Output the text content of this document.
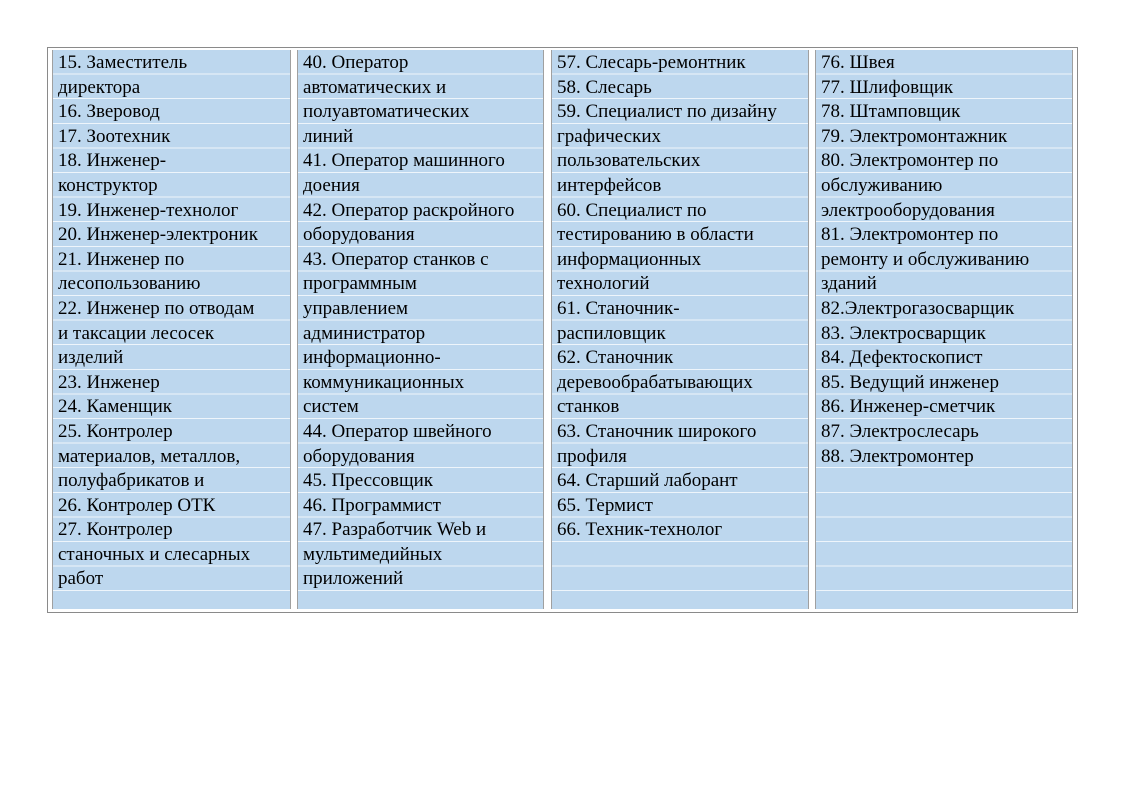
15. Заместитель
директора
16. Зверовод
17. Зоотехник
18. Инженер-
конструктор
19. Инженер-технолог
20. Инженер-электроник
21. Инженер по
лесопользованию
22. Инженер по отводам
и таксации лесосек
изделий
23. Инженер
24. Каменщик
25. Контролер
материалов, металлов,
полуфабрикатов и
26. Контролер ОТК
27. Контролер
станочных и слесарных
работ
40. Оператор
автоматических и
полуавтоматических
линий
41. Оператор машинного
доения
42. Оператор раскройного
оборудования
43. Оператор станков с
программным
управлением
администратор
информационно-
коммуникационных
систем
44. Оператор швейного
оборудования
45. Прессовщик
46. Программист
47. Разработчик Web и
мультимедийных
приложений
57. Слесарь-ремонтник
58. Слесарь
59. Специалист по дизайну
графических
пользовательских
интерфейсов
60. Специалист по
тестированию в области
информационных
технологий
61. Станочник-
распиловщик
62. Станочник
деревообрабатывающих
станков
63. Станочник широкого
профиля
64. Старший лаборант
65. Термист
66. Техник-технолог
76. Швея
77. Шлифовщик
78. Штамповщик
79. Электромонтажник
80. Электромонтер по
обслуживанию
электрооборудования
81. Электромонтер по
ремонту и обслуживанию
зданий
82.Электрогазосварщик
83. Электросварщик
84. Дефектоскопист
85. Ведущий инженер
86. Инженер-сметчик
87. Электрослесарь
88. Электромонтер
